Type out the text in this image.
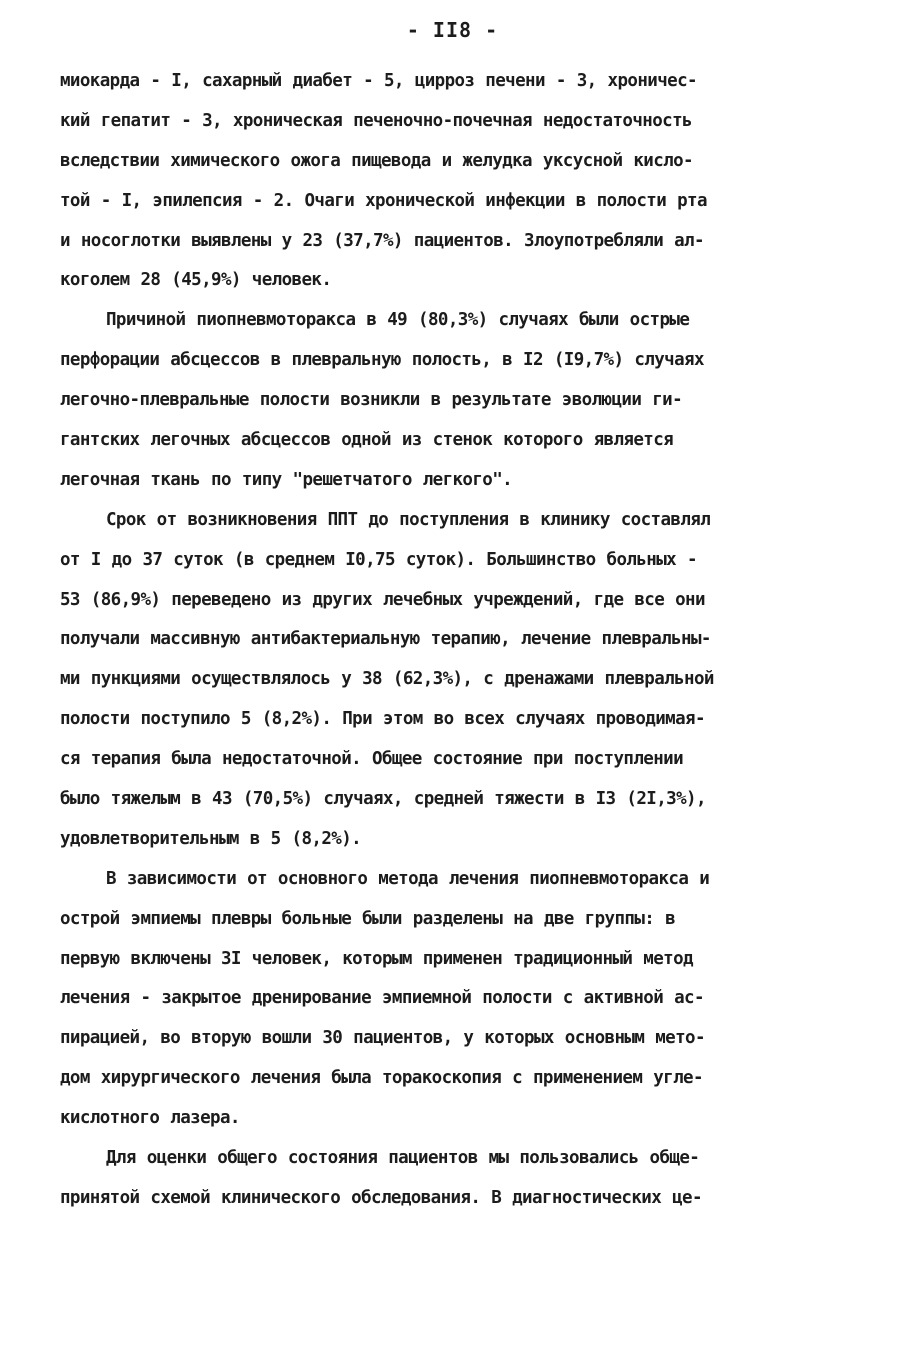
- II8 -
миокарда - I, сахарный диабет - 5, цирроз печени - 3, хроничес-
кий гепатит - 3, хроническая печеночно-почечная недостаточность
вследствии химического ожога пищевода и желудка уксусной кисло-
той - I, эпилепсия - 2. Очаги хронической инфекции в полости рта
и носоглотки выявлены у 23 (37,7%) пациентов. Злоупотребляли ал-
коголем 28 (45,9%) человек.
Причиной пиопневмоторакса в 49 (80,3%) случаях были острые
перфорации абсцессов в плевральную полость, в I2 (I9,7%) случаях
легочно-плевральные полости возникли в результате эволюции ги-
гантских легочных абсцессов одной из стенок которого является
легочная ткань по типу "решетчатого легкого".
Срок от возникновения ППТ до поступления в клинику составлял
от I до 37 суток (в среднем I0,75 суток). Большинство больных -
53 (86,9%) переведено из других лечебных учреждений, где все они
получали массивную антибактериальную терапию, лечение плевральны-
ми пункциями осуществлялось у 38 (62,3%), с дренажами плевральной
полости поступило 5 (8,2%). При этом во всех случаях проводимая-
ся терапия была недостаточной. Общее состояние при поступлении
было тяжелым в 43 (70,5%) случаях, средней тяжести в I3 (2I,3%),
удовлетворительным в 5 (8,2%).
В зависимости от основного метода лечения пиопневмоторакса и
острой эмпиемы плевры больные были разделены на две группы: в
первую включены 3I человек, которым применен традиционный метод
лечения - закрытое дренирование эмпиемной полости с активной ас-
пирацией, во вторую вошли 30 пациентов, у которых основным мето-
дом хирургического лечения была торакоскопия с применением угле-
кислотного лазера.
Для оценки общего состояния пациентов мы пользовались обще-
принятой схемой клинического обследования. В диагностических це-
